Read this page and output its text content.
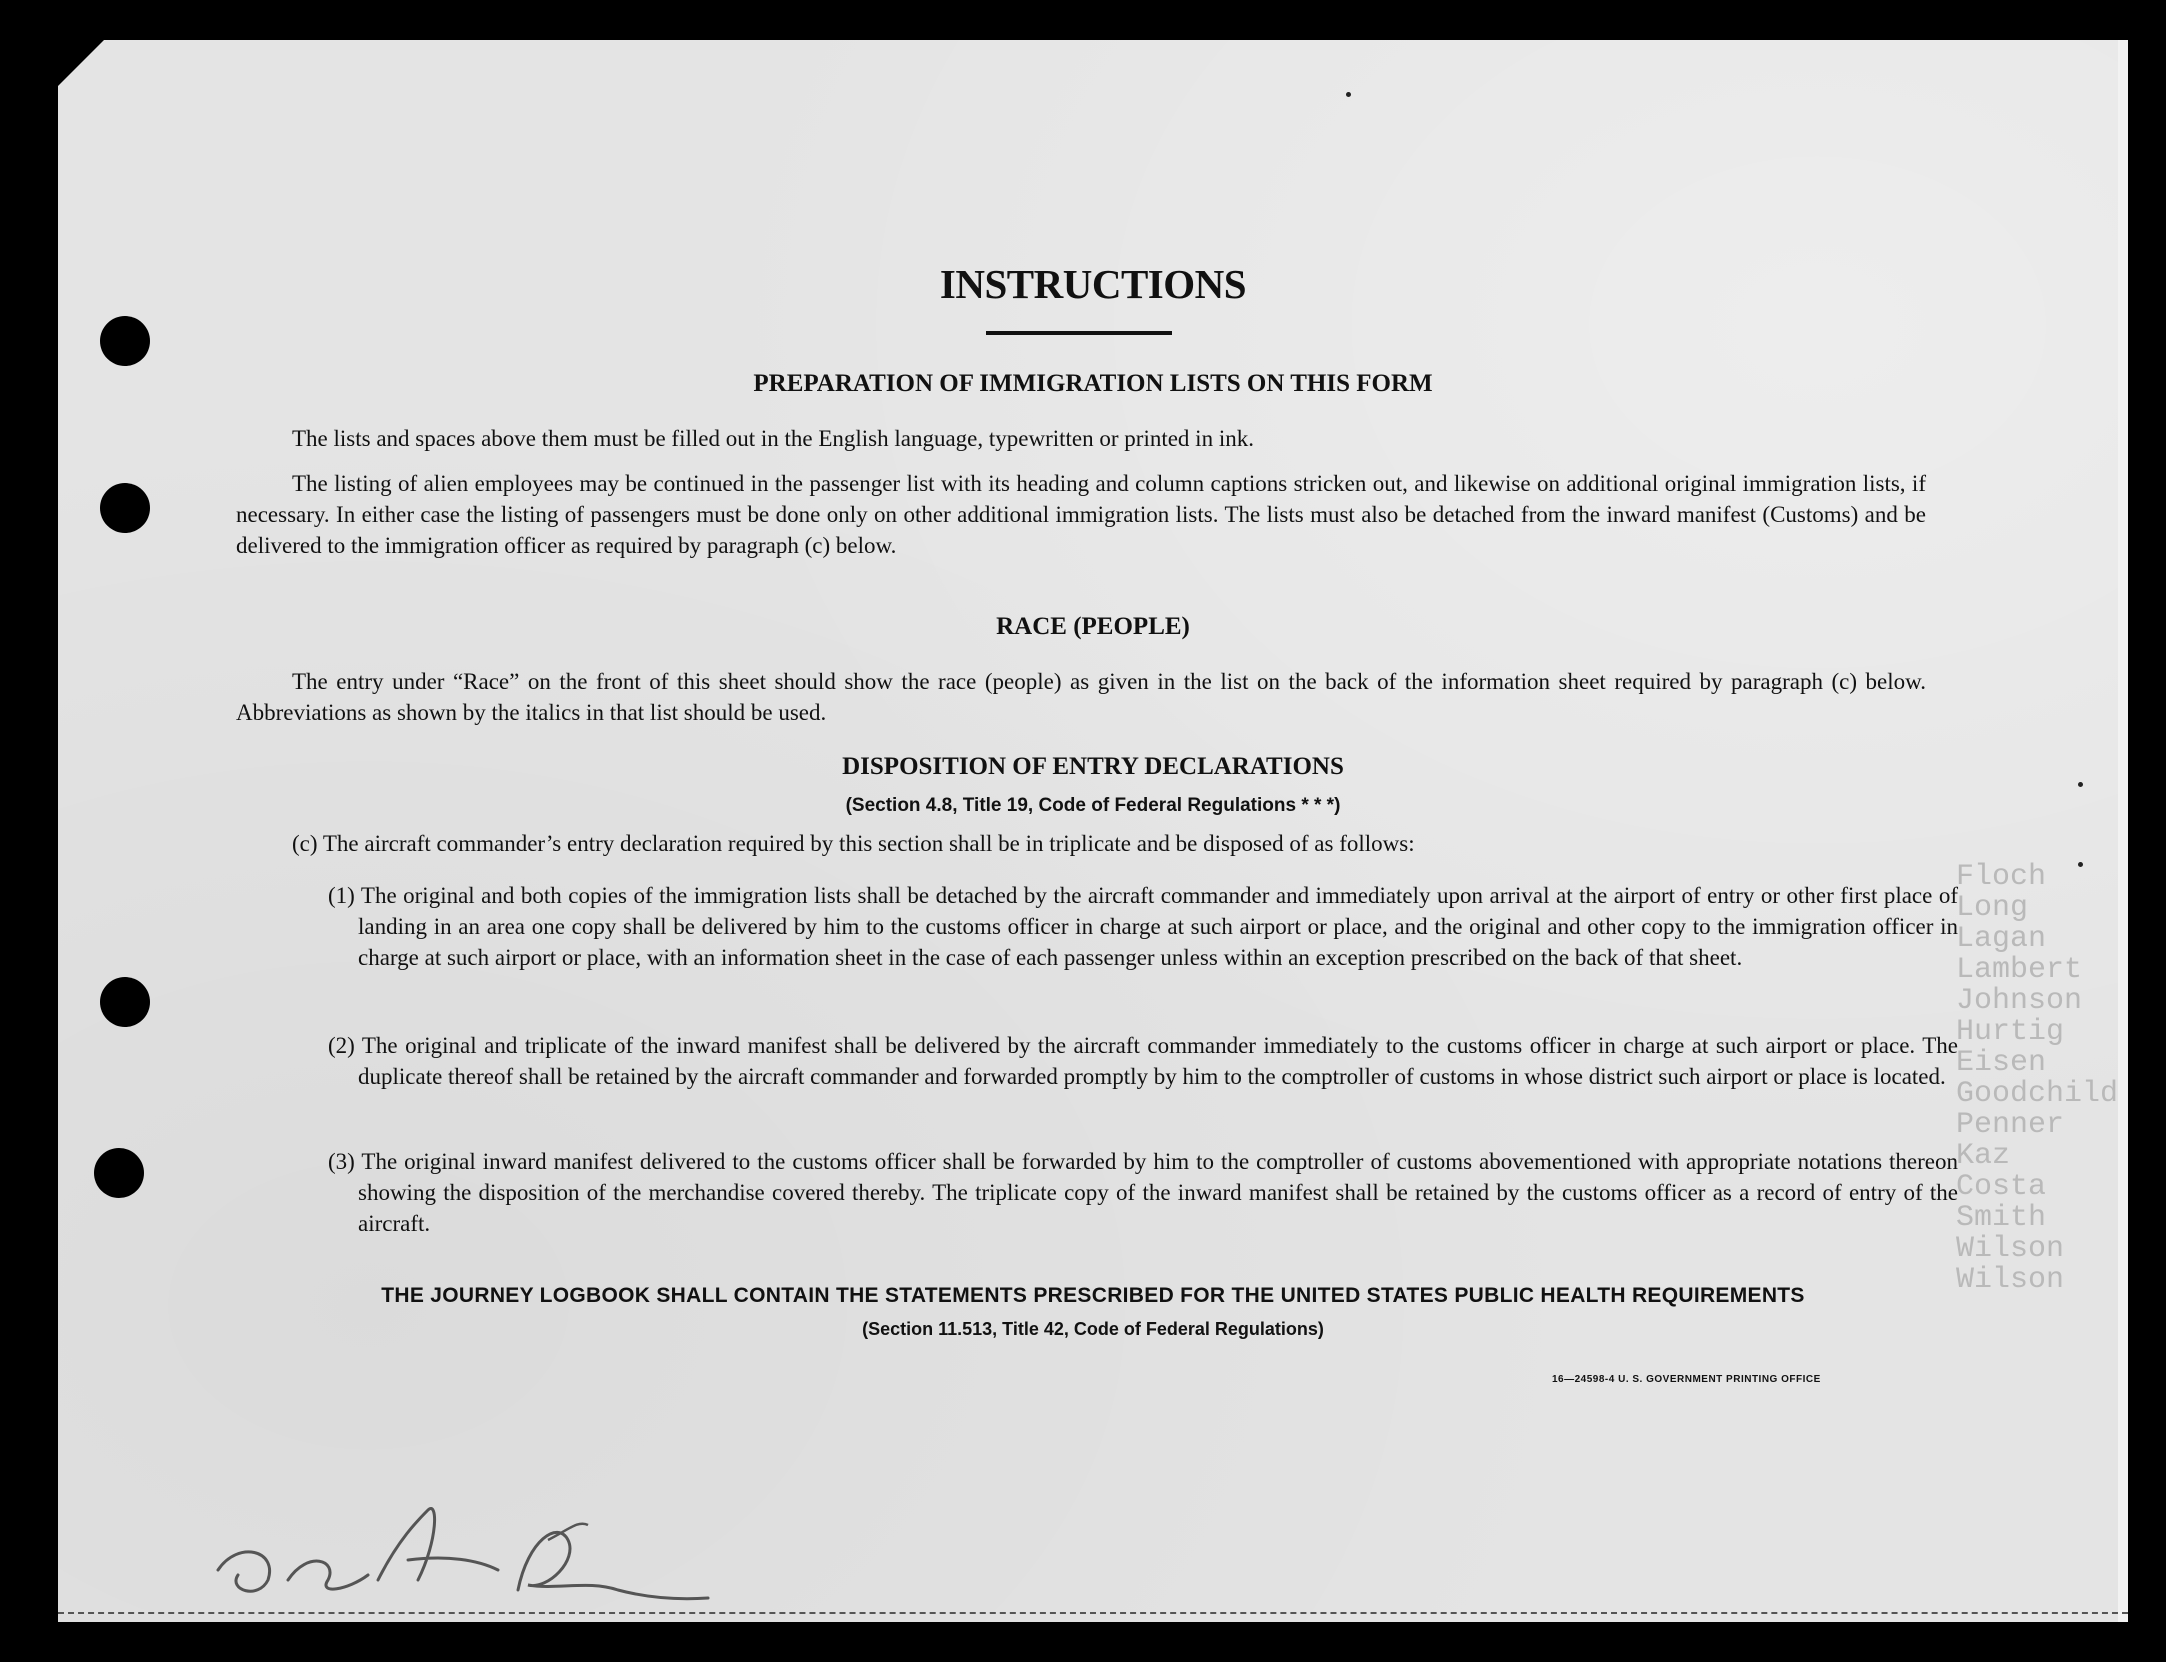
Floch
Long
Lagan
Lambert
Johnson
Hurtig
Eisen
Goodchild
Penner
Kaz
Costa
Smith
Wilson
Wilson
INSTRUCTIONS
PREPARATION OF IMMIGRATION LISTS ON THIS FORM
The lists and spaces above them must be filled out in the English language, typewritten or printed in ink.
The listing of alien employees may be continued in the passenger list with its heading and column captions stricken out, and likewise on additional original immigration lists, if necessary. In either case the listing of passengers must be done only on other additional immigration lists. The lists must also be detached from the inward manifest (Customs) and be delivered to the immigration officer as required by paragraph (c) below.
RACE (PEOPLE)
The entry under “Race” on the front of this sheet should show the race (people) as given in the list on the back of the information sheet required by paragraph (c) below. Abbreviations as shown by the italics in that list should be used.
DISPOSITION OF ENTRY DECLARATIONS
(Section 4.8, Title 19, Code of Federal Regulations * * *)
(c) The aircraft commander’s entry declaration required by this section shall be in triplicate and be disposed of as follows:
(1) The original and both copies of the immigration lists shall be detached by the aircraft commander and immediately upon arrival at the airport of entry or other first place of landing in an area one copy shall be delivered by him to the customs officer in charge at such airport or place, and the original and other copy to the immigration officer in charge at such airport or place, with an information sheet in the case of each passenger unless within an exception prescribed on the back of that sheet.
(2) The original and triplicate of the inward manifest shall be delivered by the aircraft commander immediately to the customs officer in charge at such airport or place. The duplicate thereof shall be retained by the aircraft commander and forwarded promptly by him to the comptroller of customs in whose district such airport or place is located.
(3) The original inward manifest delivered to the customs officer shall be forwarded by him to the comptroller of customs abovementioned with appropriate notations thereon showing the disposition of the merchandise covered thereby. The triplicate copy of the inward manifest shall be retained by the customs officer as a record of entry of the aircraft.
THE JOURNEY LOGBOOK SHALL CONTAIN THE STATEMENTS PRESCRIBED FOR THE UNITED STATES PUBLIC HEALTH REQUIREMENTS
(Section 11.513, Title 42, Code of Federal Regulations)
16—24598-4 U. S. GOVERNMENT PRINTING OFFICE
